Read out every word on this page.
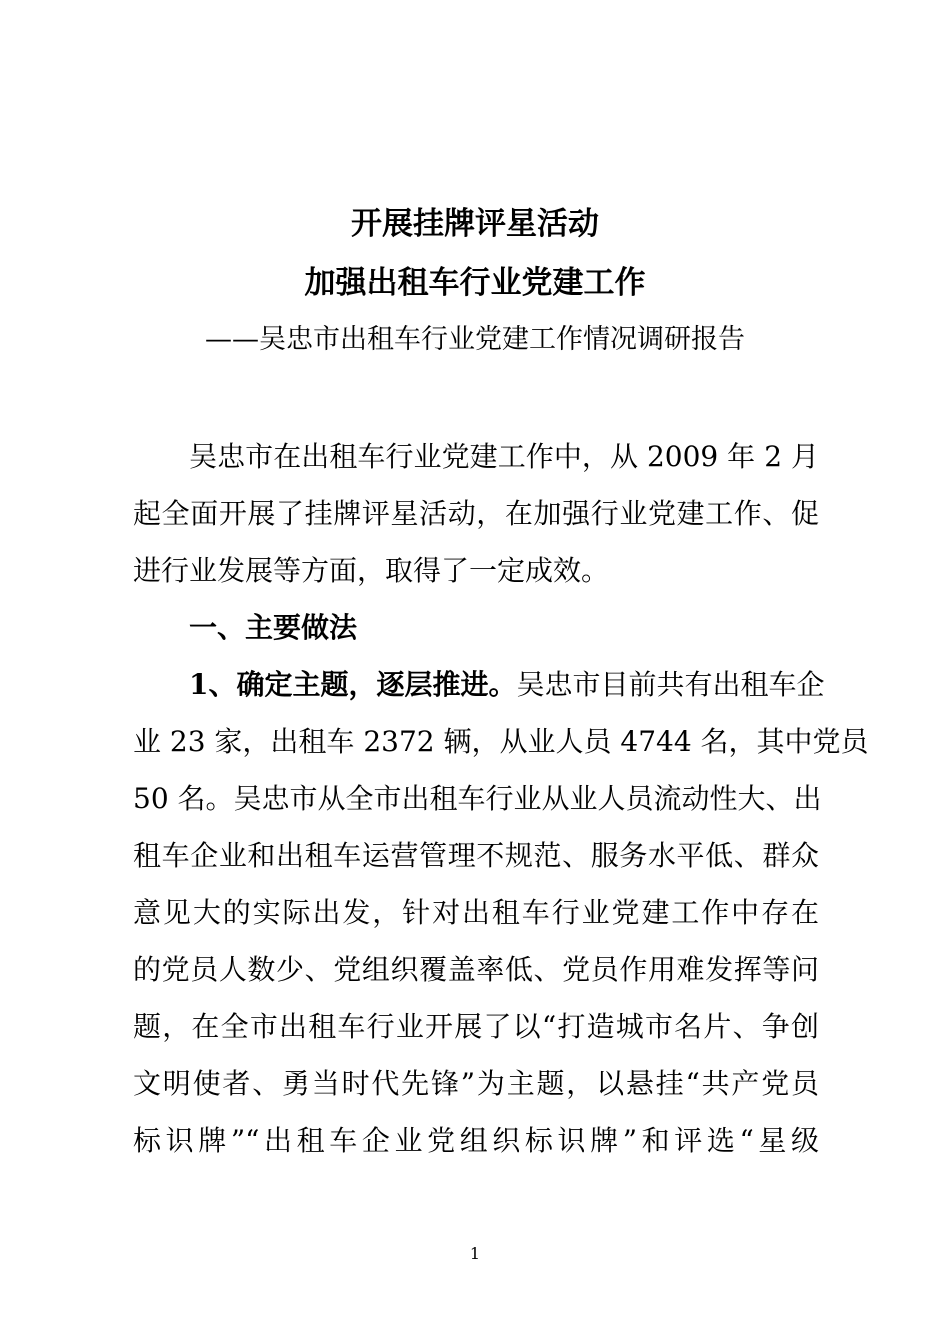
开展挂牌评星活动
加强出租车行业党建工作
——吴忠市出租车行业党建工作情况调研报告
吴忠市在出租车行业党建工作中，从 2009 年 2 月
起全面开展了挂牌评星活动，在加强行业党建工作、促
进行业发展等方面，取得了一定成效。
一、主要做法
1、确定主题，逐层推进。吴忠市目前共有出租车企
业 23 家，出租车 2372 辆，从业人员 4744 名，其中党员
50 名。吴忠市从全市出租车行业从业人员流动性大、出
租车企业和出租车运营管理不规范、服务水平低、群众
意见大的实际出发，针对出租车行业党建工作中存在
的党员人数少、党组织覆盖率低、党员作用难发挥等问
题，在全市出租车行业开展了以“打造城市名片、争创
文明使者、勇当时代先锋”为主题，以悬挂“共产党员
标识牌”“出租车企业党组织标识牌”和评选“星级
1
